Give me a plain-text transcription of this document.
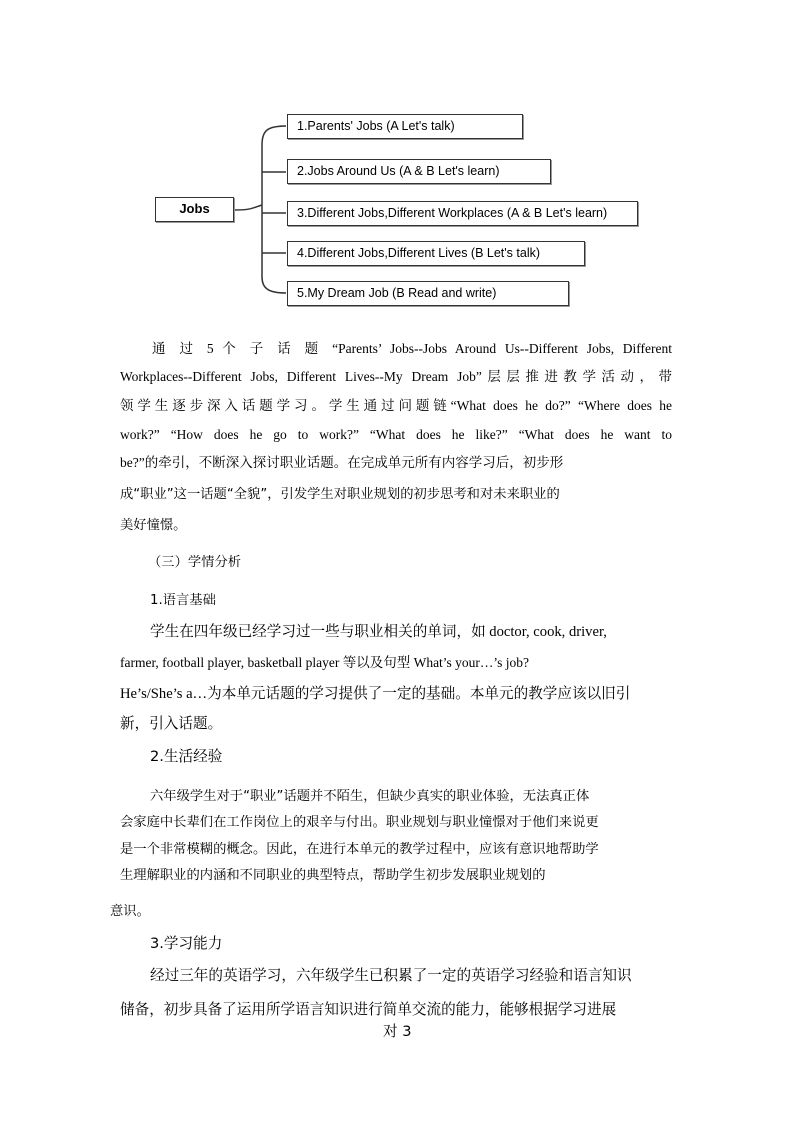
Jobs
1.Parents' Jobs (A Let's talk)
2.Jobs Around Us (A & B Let's learn)
3.Different Jobs,Different Workplaces (A & B Let's learn)
4.Different Jobs,Different Lives (B Let's talk)
5.My Dream Job (B Read and write)
通 过 5 个 子 话 题 “Parents’ Jobs--Jobs Around Us--Different Jobs, Different
Workplaces--Different Jobs, Different Lives--My Dream Job”层层推进教学活动，带
领学生逐步深入话题学习。学生通过问题链“What does he do?” “Where does he
work?” “How does he go to work?” “What does he like?” “What does he want to
be?”的牵引，不断深入探讨职业话题。在完成单元所有内容学习后，初步形
成“职业”这一话题“全貌”，引发学生对职业规划的初步思考和对未来职业的
美好憧憬。
（三）学情分析
1.语言基础
学生在四年级已经学习过一些与职业相关的单词，如 doctor, cook, driver,
farmer, football player, basketball player 等以及句型 What’s your…’s job?
He’s/She’s a…为本单元话题的学习提供了一定的基础。本单元的教学应该以旧引
新，引入话题。
2.生活经验
六年级学生对于“职业”话题并不陌生，但缺少真实的职业体验，无法真正体
会家庭中长辈们在工作岗位上的艰辛与付出。职业规划与职业憧憬对于他们来说更
是一个非常模糊的概念。因此，在进行本单元的教学过程中，应该有意识地帮助学
生理解职业的内涵和不同职业的典型特点，帮助学生初步发展职业规划的
意识。
3.学习能力
经过三年的英语学习，六年级学生已积累了一定的英语学习经验和语言知识
储备，初步具备了运用所学语言知识进行简单交流的能力，能够根据学习进展
对 3
